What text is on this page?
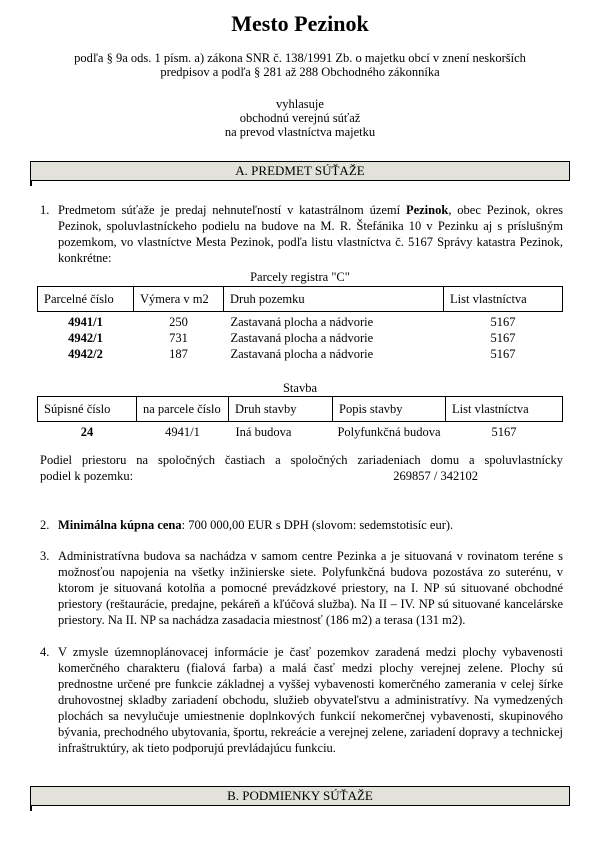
Mesto Pezinok
podľa § 9a ods. 1 písm. a) zákona SNR č. 138/1991 Zb. o majetku obcí v znení neskorších
predpisov a podľa § 281 až 288 Obchodného zákonníka
vyhlasuje
obchodnú verejnú súťaž
na prevod vlastníctva majetku
A. PREDMET SÚŤAŽE
1. Predmetom súťaže je predaj nehnuteľností v katastrálnom území Pezinok, obec Pezinok, okres Pezinok, spoluvlastníckeho podielu na budove na M. R. Štefánika 10 v Pezinku aj s príslušným pozemkom, vo vlastníctve Mesta Pezinok, podľa listu vlastníctva č. 5167 Správy katastra Pezinok, konkrétne:
Parcely registra "C"
Parcelné číslo	Výmera v m2	Druh pozemku	List vlastníctva
4941/1	250	Zastavaná plocha a nádvorie	5167
4942/1	731	Zastavaná plocha a nádvorie	5167
4942/2	187	Zastavaná plocha a nádvorie	5167
Stavba
Súpisné číslo	na parcele číslo	Druh stavby	Popis stavby	List vlastníctva
24	4941/1	Iná budova	Polyfunkčná budova	5167
Podiel priestoru na spoločných častiach a spoločných zariadeniach domu a spoluvlastnícky
podiel k pozemku:	269857 / 342102
2. Minimálna kúpna cena: 700 000,00 EUR s DPH (slovom: sedemstotisíc eur).
3. Administratívna budova sa nachádza v samom centre Pezinka a je situovaná v rovinatom teréne s možnosťou napojenia na všetky inžinierske siete. Polyfunkčná budova pozostáva zo suterénu, v ktorom je situovaná kotolňa a pomocné prevádzkové priestory, na I. NP sú situované obchodné priestory (reštaurácie, predajne, pekáreň a kľúčová služba). Na II – IV. NP sú situované kancelárske priestory. Na II. NP sa nachádza zasadacia miestnosť (186 m2) a terasa (131 m2).
4. V zmysle územnoplánovacej informácie je časť pozemkov zaradená medzi plochy vybavenosti komerčného charakteru (fialová farba) a malá časť medzi plochy verejnej zelene. Plochy sú prednostne určené pre funkcie základnej a vyššej vybavenosti komerčného zamerania v celej šírke druhovostnej skladby zariadení obchodu, služieb obyvateľstvu a administratívy. Na vymedzených plochách sa nevylučuje umiestnenie doplnkových funkcií nekomerčnej vybavenosti, skupinového bývania, prechodného ubytovania, športu, rekreácie a verejnej zelene, zariadení dopravy a technickej infraštruktúry, ak tieto podporujú prevládajúcu funkciu.
B. PODMIENKY SÚŤAŽE
